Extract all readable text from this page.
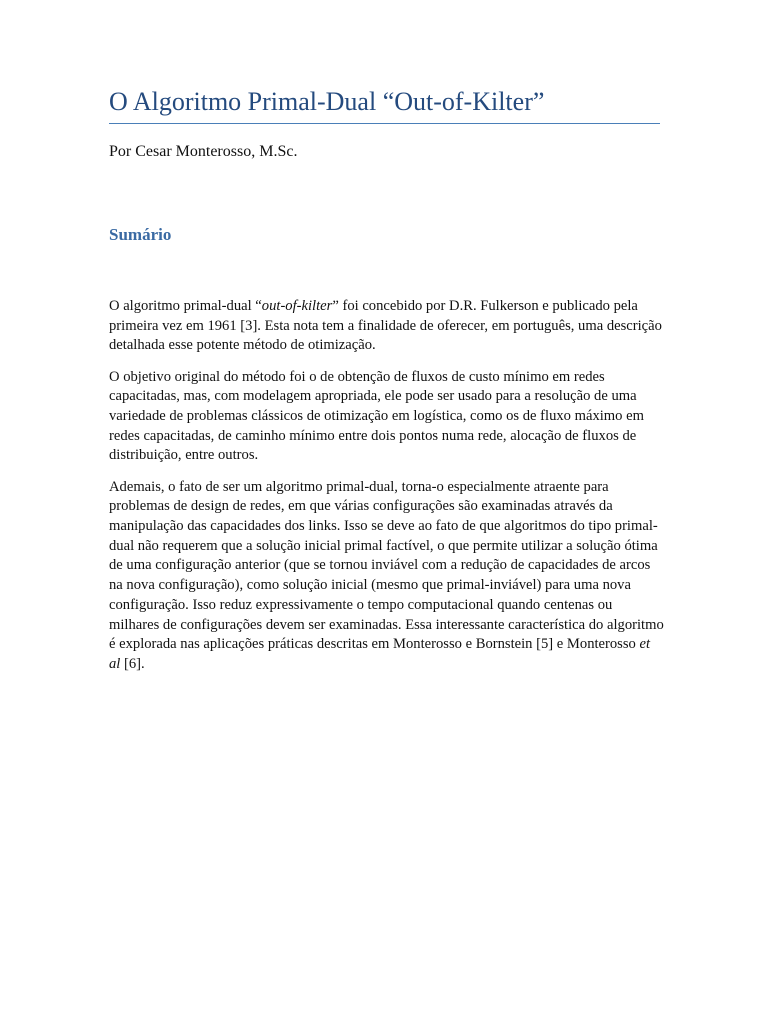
O Algoritmo Primal-Dual “Out-of-Kilter”

Por Cesar Monterosso, M.Sc.

Sumário

O algoritmo primal-dual “out-of-kilter” foi concebido por D.R. Fulkerson e publicado pela primeira vez em 1961 [3]. Esta nota tem a finalidade de oferecer, em português, uma descrição detalhada esse potente método de otimização.

O objetivo original do método foi o de obtenção de fluxos de custo mínimo em redes capacitadas, mas, com modelagem apropriada, ele pode ser usado para a resolução de uma variedade de problemas clássicos de otimização em logística, como os de fluxo máximo em redes capacitadas, de caminho mínimo entre dois pontos numa rede, alocação de fluxos de distribuição, entre outros.

Ademais, o fato de ser um algoritmo primal-dual, torna-o especialmente atraente para problemas de design de redes, em que várias configurações são examinadas através da manipulação das capacidades dos links. Isso se deve ao fato de que algoritmos do tipo primal-dual não requerem que a solução inicial primal factível, o que permite utilizar a solução ótima de uma configuração anterior (que se tornou inviável com a redução de capacidades de arcos na nova configuração), como solução inicial (mesmo que primal-inviável) para uma nova configuração. Isso reduz expressivamente o tempo computacional quando centenas ou milhares de configurações devem ser examinadas. Essa interessante característica do algoritmo é explorada nas aplicações práticas descritas em Monterosso e Bornstein [5] e Monterosso et al [6].
